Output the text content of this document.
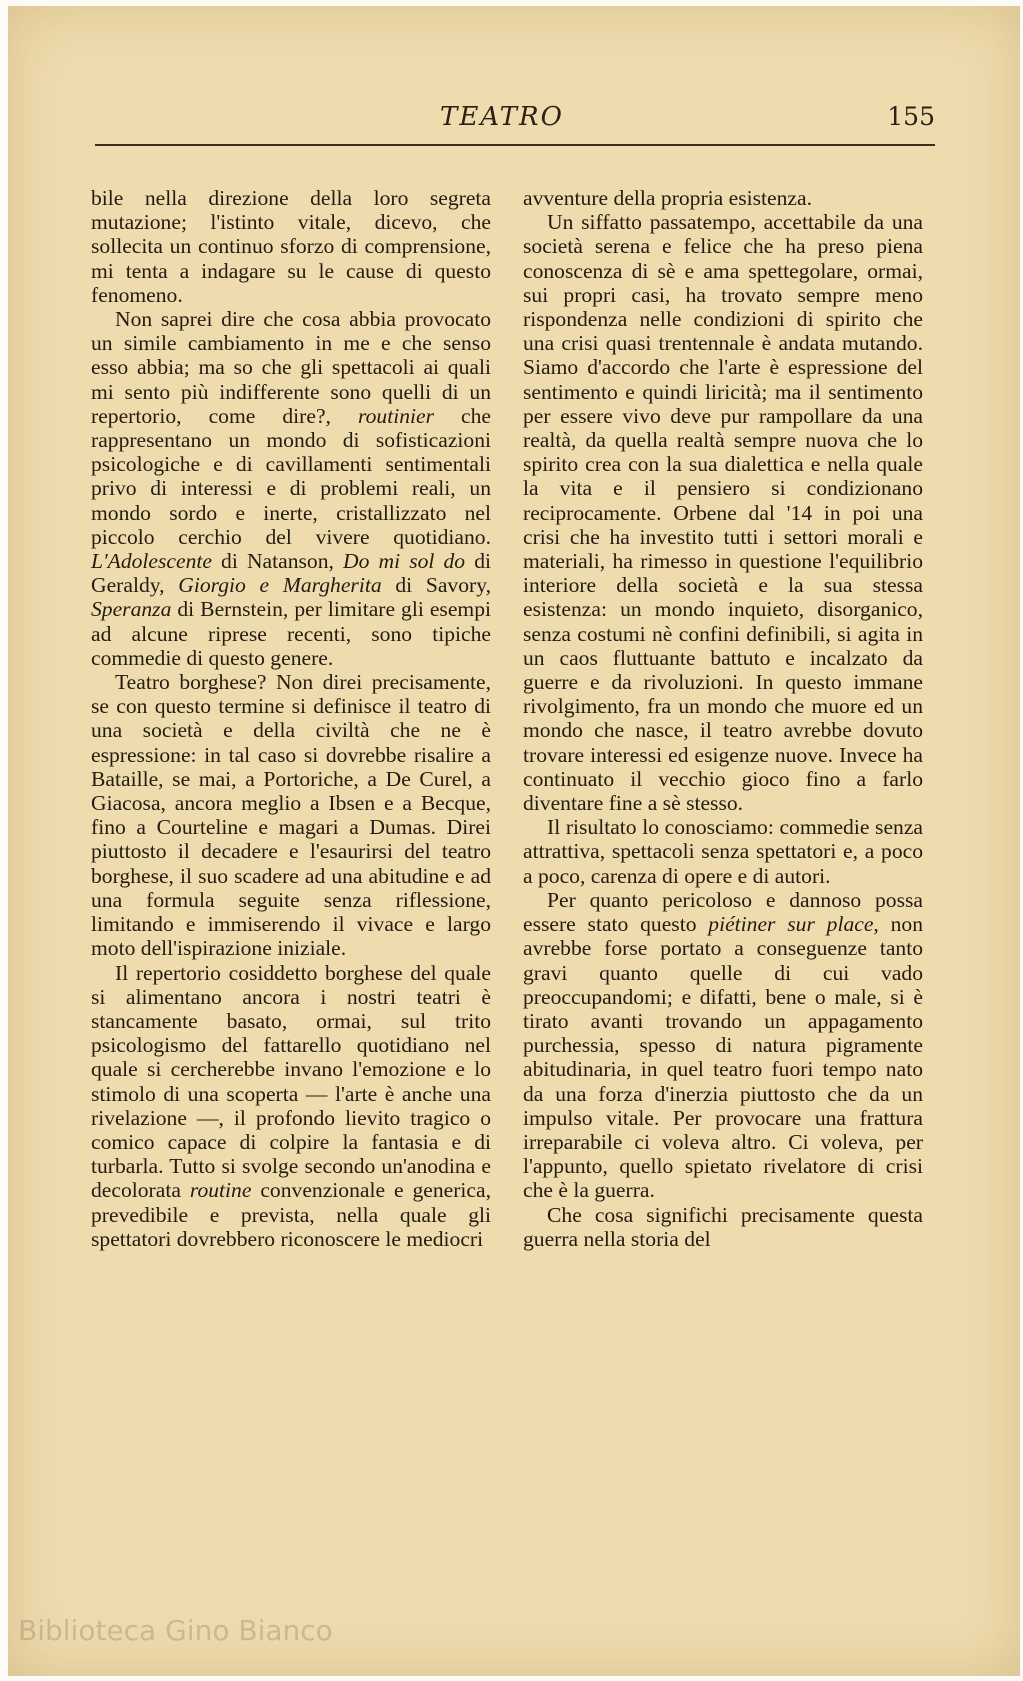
TEATRO	155

bile nella direzione della loro segreta mutazione; l'istinto vitale, dicevo, che sollecita un continuo sforzo di comprensione, mi tenta a indagare su le cause di questo fenomeno.

Non saprei dire che cosa abbia provocato un simile cambiamento in me e che senso esso abbia; ma so che gli spettacoli ai quali mi sento più indifferente sono quelli di un repertorio, come dire?, routinier che rappresentano un mondo di sofisticazioni psicologiche e di cavillamenti sentimentali privo di interessi e di problemi reali, un mondo sordo e inerte, cristallizzato nel piccolo cerchio del vivere quotidiano. L'Adolescente di Natanson, Do mi sol do di Geraldy, Giorgio e Margherita di Savory, Speranza di Bernstein, per limitare gli esempi ad alcune riprese recenti, sono tipiche commedie di questo genere.

Teatro borghese? Non direi precisamente, se con questo termine si definisce il teatro di una società e della civiltà che ne è espressione: in tal caso si dovrebbe risalire a Bataille, se mai, a Portoriche, a De Curel, a Giacosa, ancora meglio a Ibsen e a Becque, fino a Courteline e magari a Dumas. Direi piuttosto il decadere e l'esaurirsi del teatro borghese, il suo scadere ad una abitudine e ad una formula seguite senza riflessione, limitando e immiserendo il vivace e largo moto dell'ispirazione iniziale.

Il repertorio cosiddetto borghese del quale si alimentano ancora i nostri teatri è stancamente basato, ormai, sul trito psicologismo del fattarello quotidiano nel quale si cercherebbe invano l'emozione e lo stimolo di una scoperta — l'arte è anche una rivelazione —, il profondo lievito tragico o comico capace di colpire la fantasia e di turbarla. Tutto si svolge secondo un'anodina e decolorata routine convenzionale e generica, prevedibile e prevista, nella quale gli spettatori dovrebbero riconoscere le mediocri

avventure della propria esistenza.

Un siffatto passatempo, accettabile da una società serena e felice che ha preso piena conoscenza di sè e ama spettegolare, ormai, sui propri casi, ha trovato sempre meno rispondenza nelle condizioni di spirito che una crisi quasi trentennale è andata mutando. Siamo d'accordo che l'arte è espressione del sentimento e quindi liricità; ma il sentimento per essere vivo deve pur rampollare da una realtà, da quella realtà sempre nuova che lo spirito crea con la sua dialettica e nella quale la vita e il pensiero si condizionano reciprocamente. Orbene dal '14 in poi una crisi che ha investito tutti i settori morali e materiali, ha rimesso in questione l'equilibrio interiore della società e la sua stessa esistenza: un mondo inquieto, disorganico, senza costumi nè confini definibili, si agita in un caos fluttuante battuto e incalzato da guerre e da rivoluzioni. In questo immane rivolgimento, fra un mondo che muore ed un mondo che nasce, il teatro avrebbe dovuto trovare interessi ed esigenze nuove. Invece ha continuato il vecchio gioco fino a farlo diventare fine a sè stesso.

Il risultato lo conosciamo: commedie senza attrattiva, spettacoli senza spettatori e, a poco a poco, carenza di opere e di autori.

Per quanto pericoloso e dannoso possa essere stato questo piétiner sur place, non avrebbe forse portato a conseguenze tanto gravi quanto quelle di cui vado preoccupandomi; e difatti, bene o male, si è tirato avanti trovando un appagamento purchessia, spesso di natura pigramente abitudinaria, in quel teatro fuori tempo nato da una forza d'inerzia piuttosto che da un impulso vitale. Per provocare una frattura irreparabile ci voleva altro. Ci voleva, per l'appunto, quello spietato rivelatore di crisi che è la guerra.

Che cosa significhi precisamente questa guerra nella storia del

Biblioteca Gino Bianco
